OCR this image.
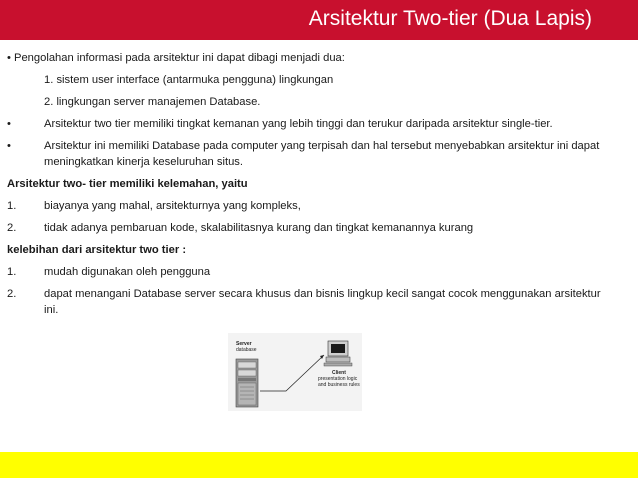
Arsitektur Two-tier (Dua Lapis)
• Pengolahan informasi pada arsitektur ini dapat dibagi menjadi dua:
1. sistem user interface (antarmuka pengguna) lingkungan
2. lingkungan server manajemen Database.
•	Arsitektur two tier memiliki tingkat kemanan yang lebih tinggi dan terukur daripada arsitektur single-tier.
•	Arsitektur ini memiliki Database pada computer yang terpisah dan hal tersebut menyebabkan arsitektur ini dapat meningkatkan kinerja keseluruhan situs.
Arsitektur two- tier memiliki kelemahan, yaitu
1. biayanya yang mahal, arsitekturnya yang kompleks,
2. tidak adanya pembaruan kode, skalabilitasnya kurang dan tingkat kemanannya kurang
kelebihan dari arsitektur two tier :
1. mudah digunakan oleh pengguna
2. dapat menangani Database server secara khusus dan bisnis lingkup kecil sangat cocok menggunakan arsitektur ini.
Server
database
Client
presentation logic
and business rules
